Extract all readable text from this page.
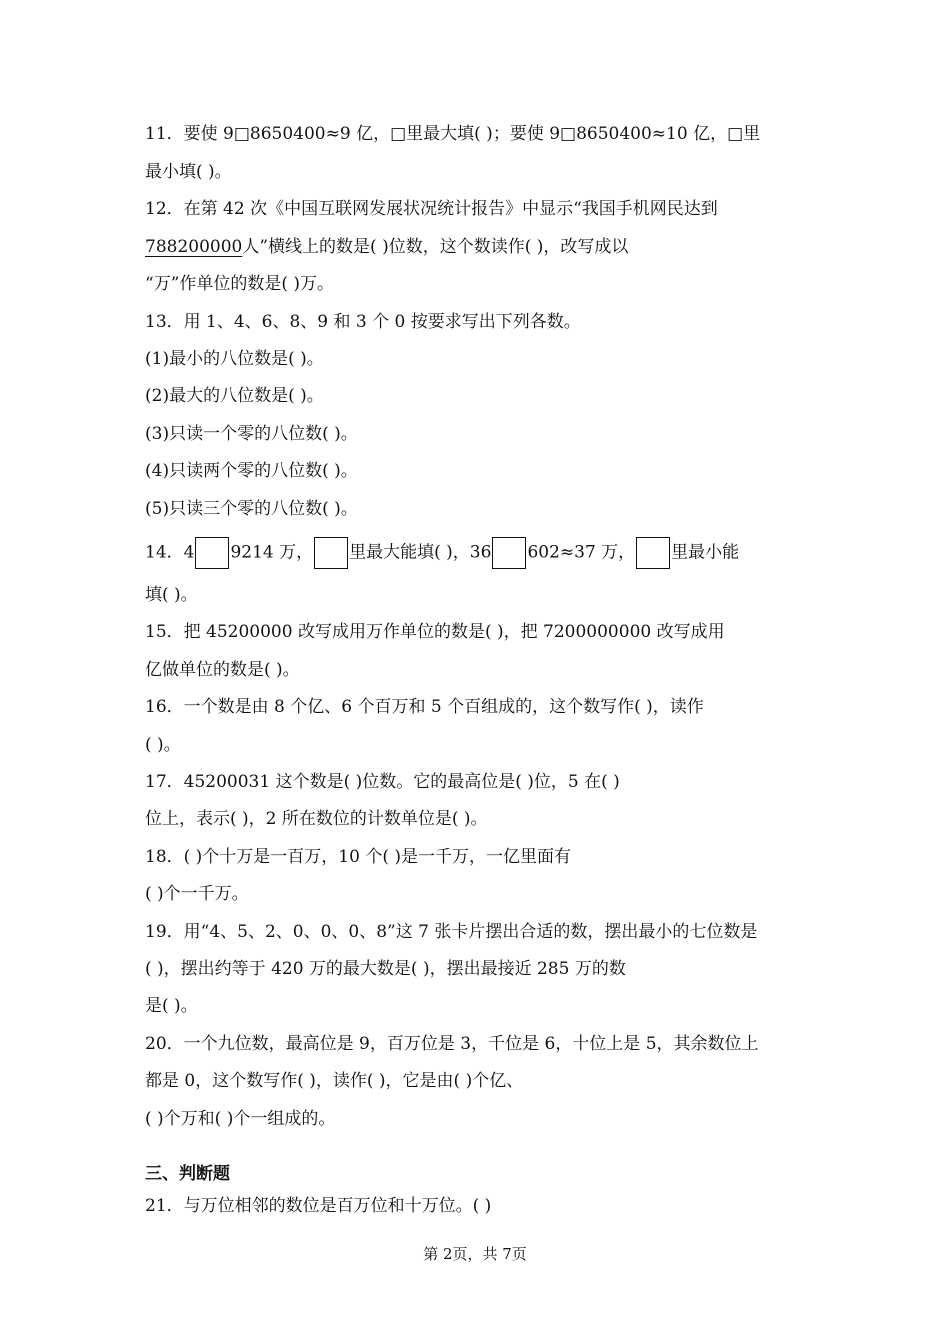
11．要使 9□8650400≈9 亿，□里最大填( )；要使 9□8650400≈10 亿，□里
最小填( )。
12．在第 42 次《中国互联网发展状况统计报告》中显示“我国手机网民达到
788200000人”横线上的数是( )位数，这个数读作( )，改写成以
“万”作单位的数是( )万。
13．用 1、4、6、8、9 和 3 个 0 按要求写出下列各数。
(1)最小的八位数是( )。
(2)最大的八位数是( )。
(3)只读一个零的八位数( )。
(4)只读两个零的八位数( )。
(5)只读三个零的八位数( )。
14．4 9214 万， 里最大能填( )，36 602≈37 万， 里最小能
填( )。
15．把 45200000 改写成用万作单位的数是( )，把 7200000000 改写成用
亿做单位的数是( )。
16．一个数是由 8 个亿、6 个百万和 5 个百组成的，这个数写作( )，读作
( )。
17．45200031 这个数是( )位数。它的最高位是( )位，5 在( )
位上，表示( )，2 所在数位的计数单位是( )。
18．( )个十万是一百万，10 个( )是一千万，一亿里面有
( )个一千万。
19．用“4、5、2、0、0、0、8”这 7 张卡片摆出合适的数，摆出最小的七位数是
( )，摆出约等于 420 万的最大数是( )，摆出最接近 285 万的数
是( )。
20．一个九位数，最高位是 9，百万位是 3，千位是 6，十位上是 5，其余数位上
都是 0，这个数写作( )，读作( )，它是由( )个亿、
( )个万和( )个一组成的。
三、判断题
21．与万位相邻的数位是百万位和十万位。( )
第 2页，共 7页
